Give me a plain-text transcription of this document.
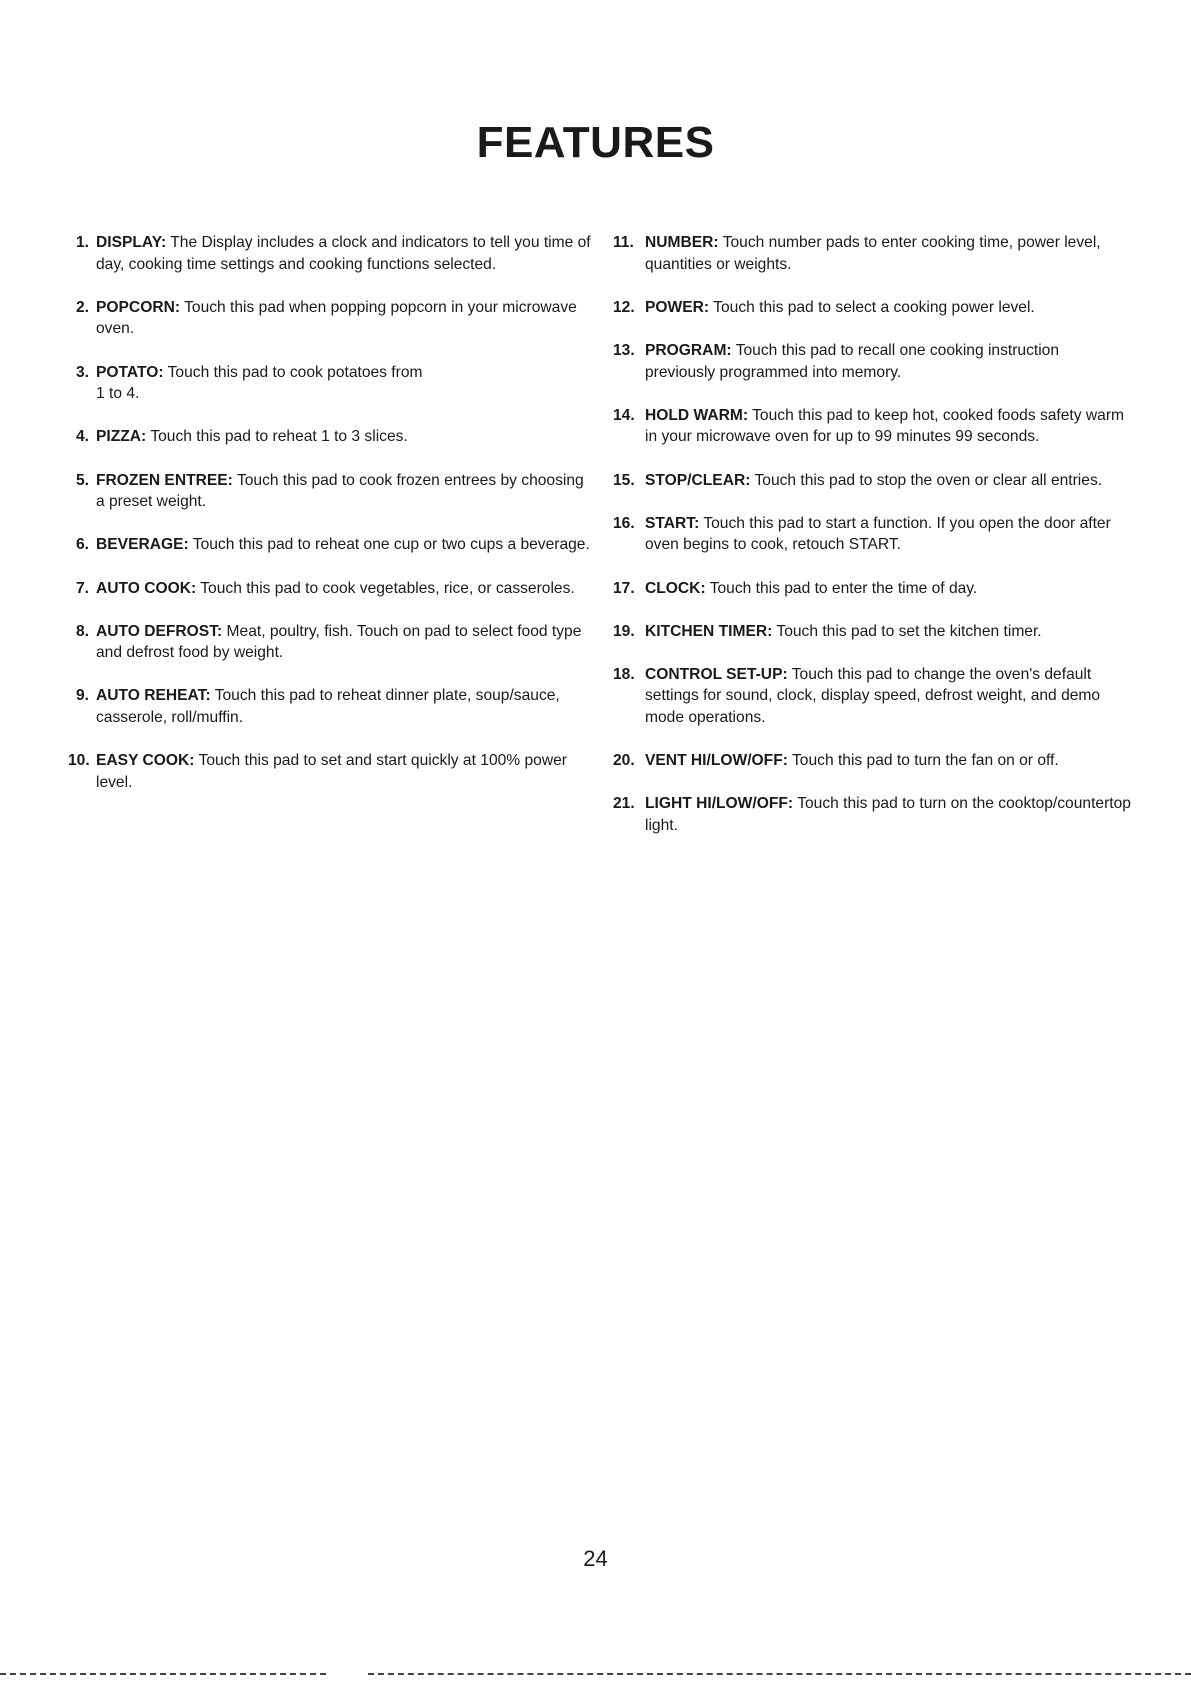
FEATURES
1. DISPLAY: The Display includes a clock and indicators to tell you time of day, cooking time settings and cooking functions selected.
2. POPCORN: Touch this pad when popping popcorn in your microwave oven.
3. POTATO: Touch this pad to cook potatoes from
1 to 4.
4. PIZZA: Touch this pad to reheat 1 to 3 slices.
5. FROZEN ENTREE: Touch this pad to cook frozen entrees by choosing a preset weight.
6. BEVERAGE: Touch this pad to reheat one cup or two cups a beverage.
7. AUTO COOK: Touch this pad to cook vegetables, rice, or casseroles.
8. AUTO DEFROST: Meat, poultry, fish. Touch on pad to select food type and defrost food by weight.
9. AUTO REHEAT: Touch this pad to reheat dinner plate, soup/sauce, casserole, roll/muffin.
10. EASY COOK: Touch this pad to set and start quickly at 100% power level.
11. NUMBER: Touch number pads to enter cooking time, power level, quantities or weights.
12. POWER: Touch this pad to select a cooking power level.
13. PROGRAM: Touch this pad to recall one cooking instruction previously programmed into memory.
14. HOLD WARM: Touch this pad to keep hot, cooked foods safety warm in your microwave oven for up to 99 minutes 99 seconds.
15. STOP/CLEAR: Touch this pad to stop the oven or clear all entries.
16. START: Touch this pad to start a function. If you open the door after oven begins to cook, retouch START.
17. CLOCK: Touch this pad to enter the time of day.
19. KITCHEN TIMER: Touch this pad to set the kitchen timer.
18. CONTROL SET-UP: Touch this pad to change the oven's default settings for sound, clock, display speed, defrost weight, and demo mode operations.
20. VENT HI/LOW/OFF: Touch this pad to turn the fan on or off.
21. LIGHT HI/LOW/OFF: Touch this pad to turn on the cooktop/countertop light.
24
